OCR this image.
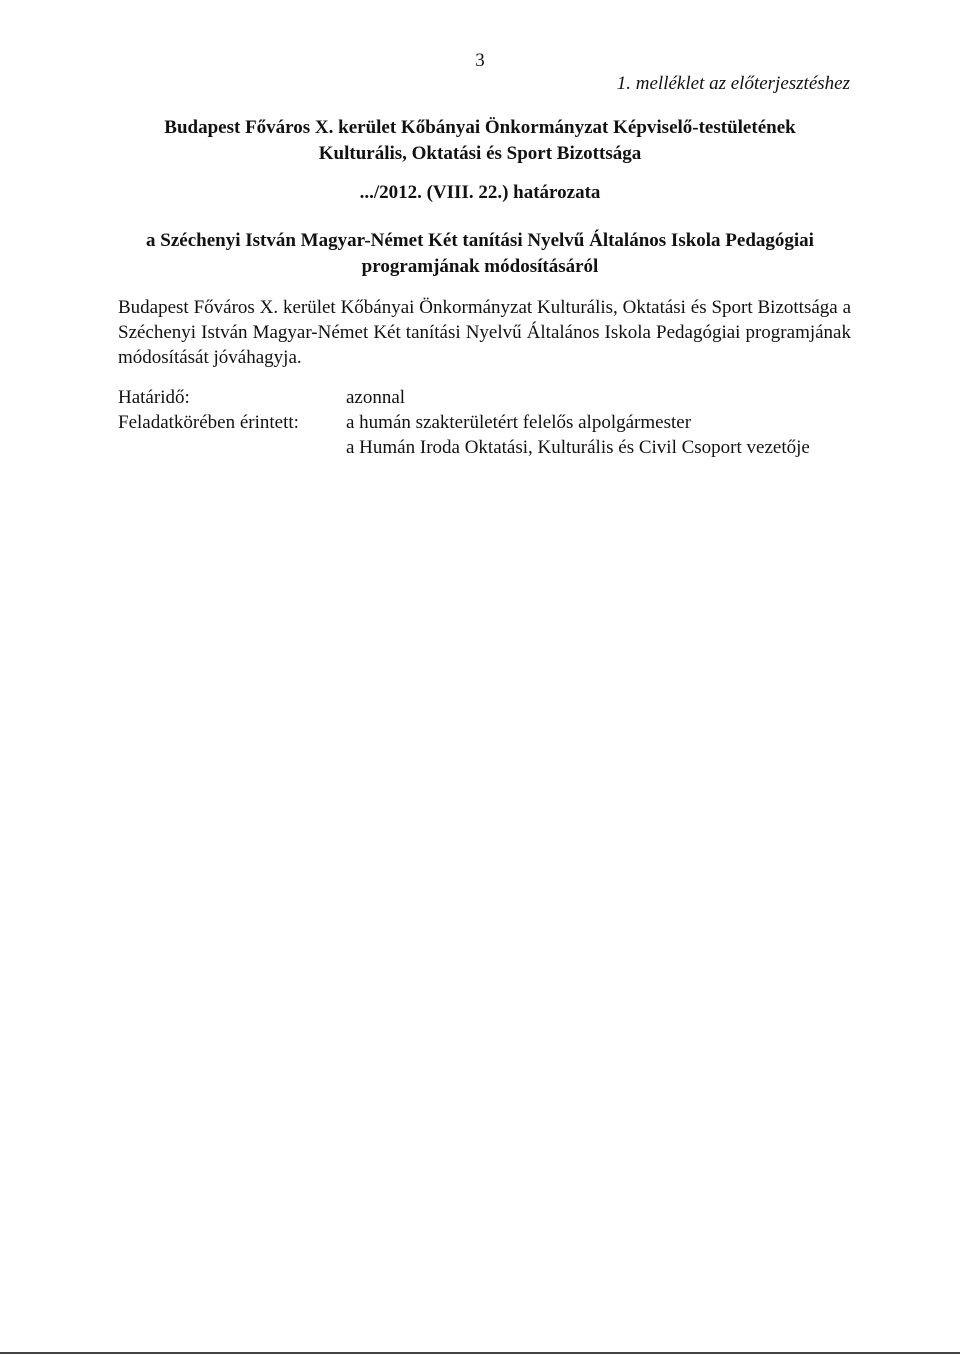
3
1. melléklet az előterjesztéshez
Budapest Főváros X. kerület Kőbányai Önkormányzat Képviselő-testületének
Kulturális, Oktatási és Sport Bizottsága
.../2012. (VIII. 22.) határozata
a Széchenyi István Magyar-Német Két tanítási Nyelvű Általános Iskola Pedagógiai
programjának módosításáról
Budapest Főváros X. kerület Kőbányai Önkormányzat Kulturális, Oktatási és Sport Bizottsága a Széchenyi István Magyar-Német Két tanítási Nyelvű Általános Iskola Pedagógiai programjának módosítását jóváhagyja.
Határidő:	azonnal
Feladatkörében érintett:	a humán szakterületért felelős alpolgármester
a Humán Iroda Oktatási, Kulturális és Civil Csoport vezetője
